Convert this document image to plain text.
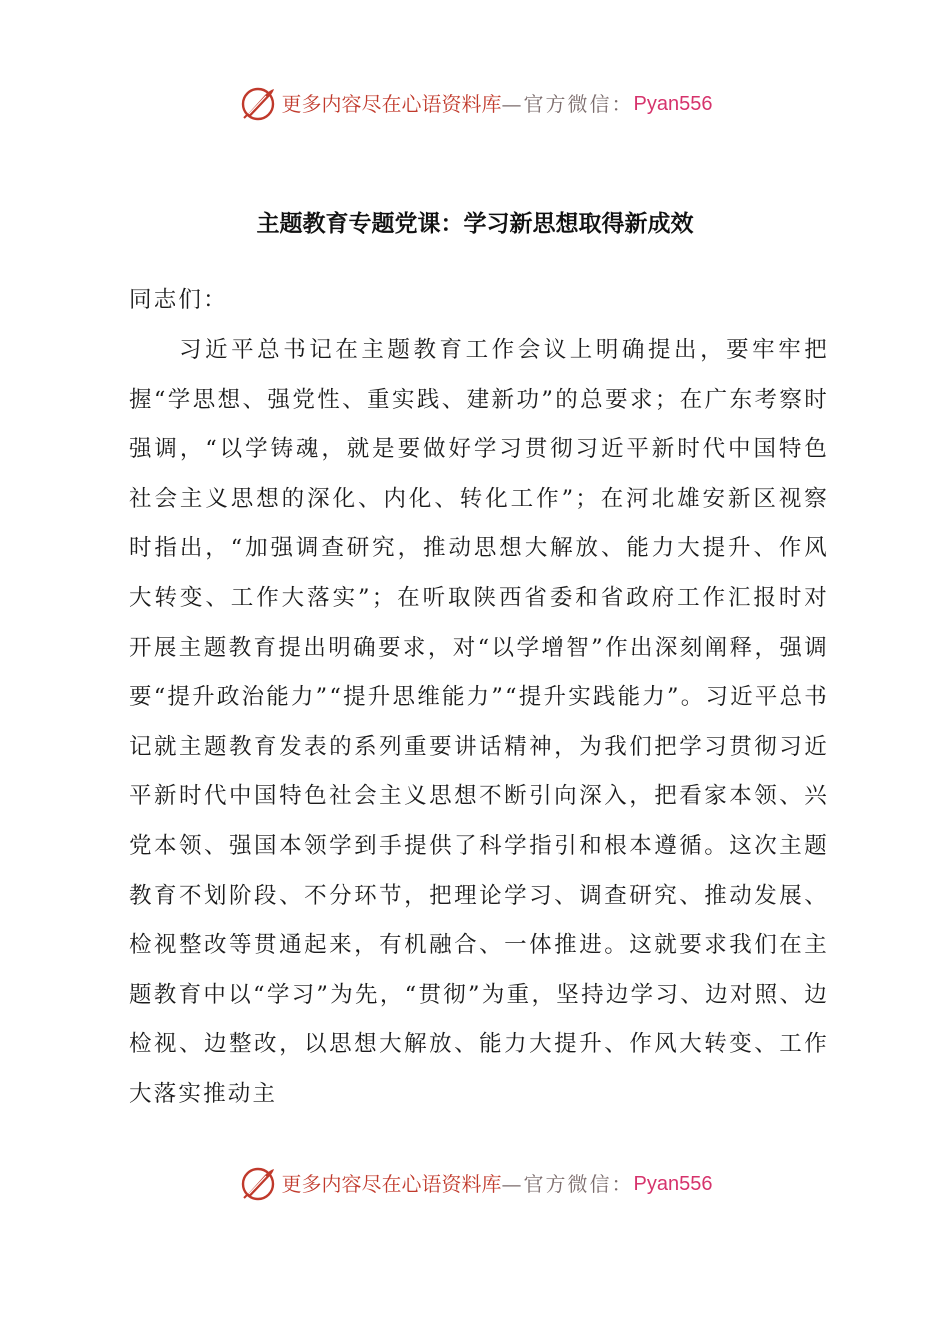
更多内容尽在心语资料库 —官方微信： Pyan556
主题教育专题党课：学习新思想取得新成效
同志们：
习近平总书记在主题教育工作会议上明确提出，要牢牢把握“学思想、强党性、重实践、建新功”的总要求；在广东考察时强调，“以学铸魂，就是要做好学习贯彻习近平新时代中国特色社会主义思想的深化、内化、转化工作”；在河北雄安新区视察时指出，“加强调查研究，推动思想大解放、能力大提升、作风大转变、工作大落实”；在听取陕西省委和省政府工作汇报时对开展主题教育提出明确要求，对“以学增智”作出深刻阐释，强调要“提升政治能力”“提升思维能力”“提升实践能力”。习近平总书记就主题教育发表的系列重要讲话精神，为我们把学习贯彻习近平新时代中国特色社会主义思想不断引向深入，把看家本领、兴党本领、强国本领学到手提供了科学指引和根本遵循。这次主题教育不划阶段、不分环节，把理论学习、调查研究、推动发展、检视整改等贯通起来，有机融合、一体推进。这就要求我们在主题教育中以“学习”为先，“贯彻”为重，坚持边学习、边对照、边检视、边整改，以思想大解放、能力大提升、作风大转变、工作大落实推动主
更多内容尽在心语资料库 —官方微信： Pyan556
